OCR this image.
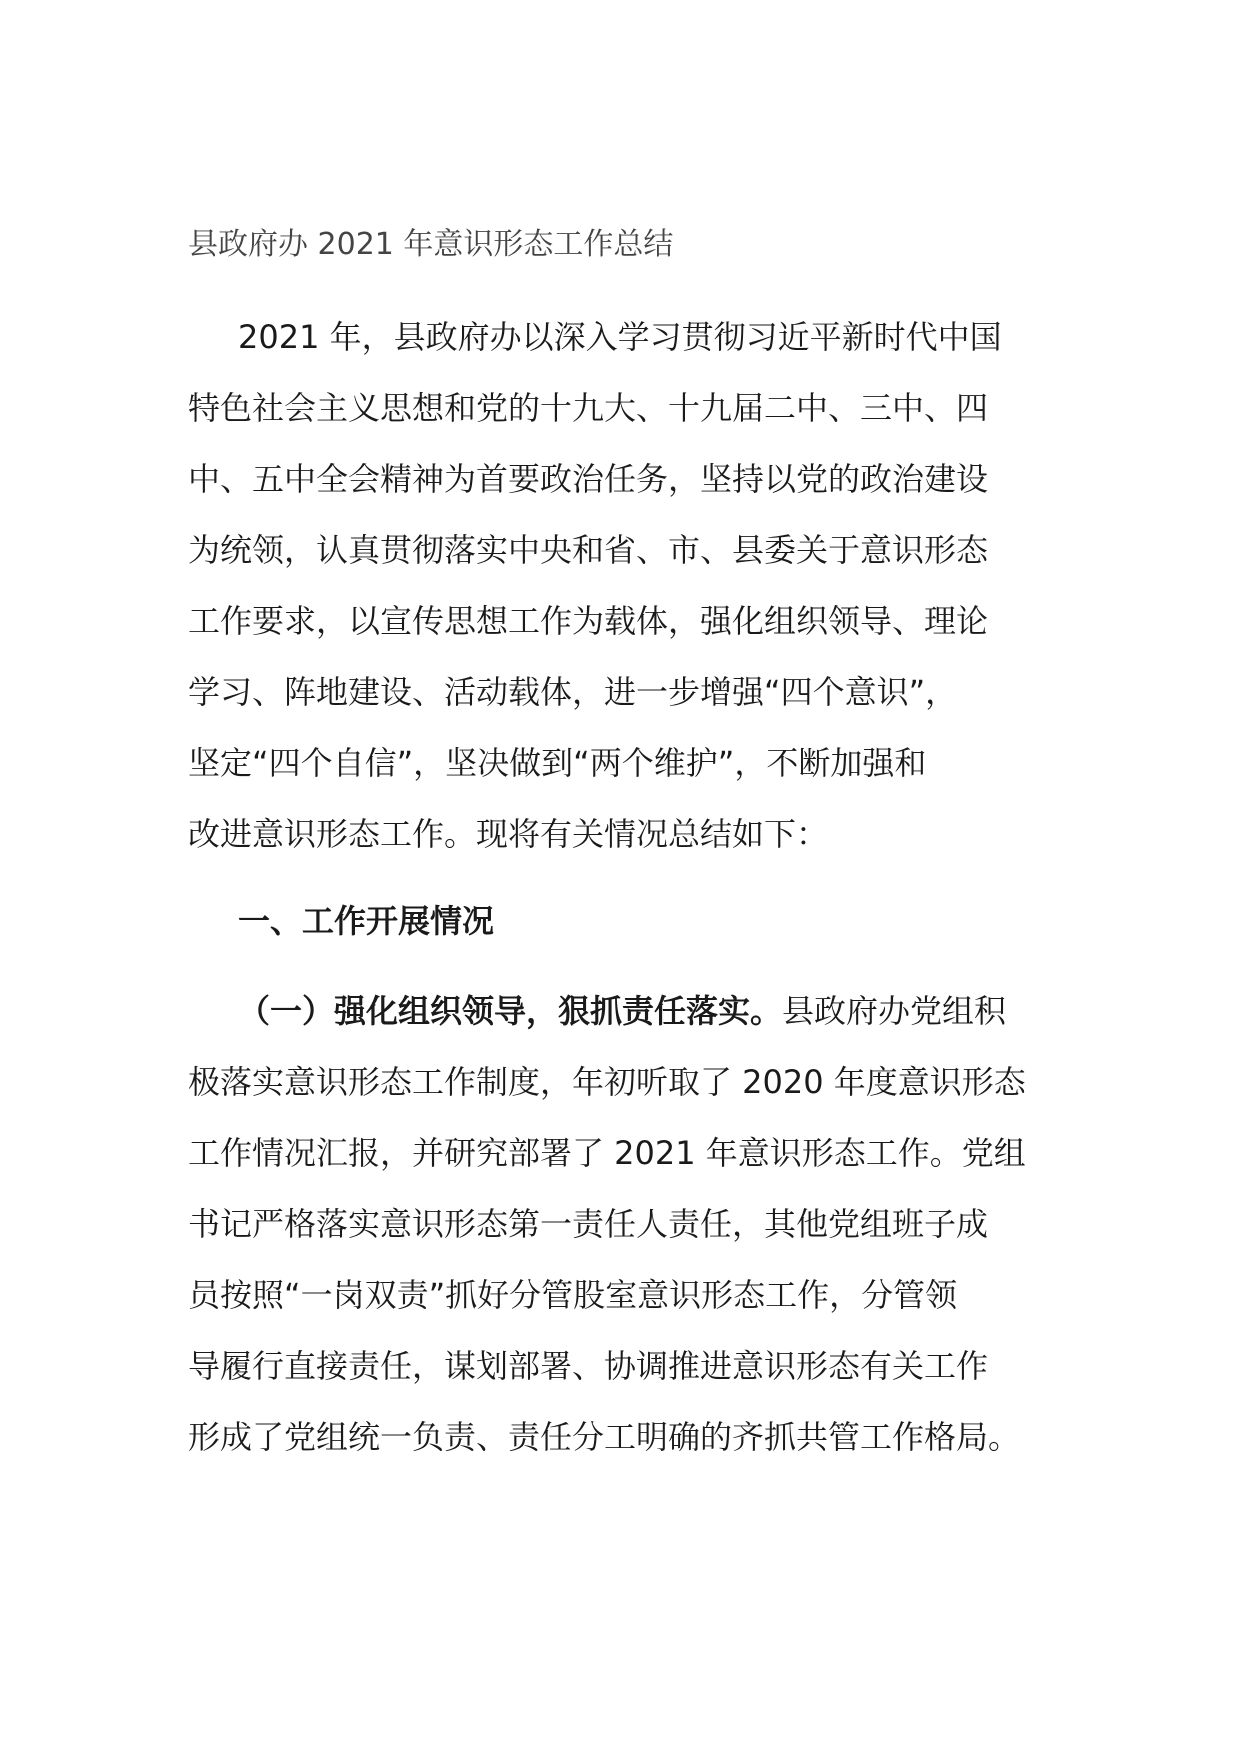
县政府办 2021 年意识形态工作总结
2021 年，县政府办以深入学习贯彻习近平新时代中国
特色社会主义思想和党的十九大、十九届二中、三中、四
中、五中全会精神为首要政治任务，坚持以党的政治建设
为统领，认真贯彻落实中央和省、市、县委关于意识形态
工作要求，以宣传思想工作为载体，强化组织领导、理论
学习、阵地建设、活动载体，进一步增强“四个意识”，
坚定“四个自信”，坚决做到“两个维护”，不断加强和
改进意识形态工作。现将有关情况总结如下：
一、工作开展情况
（一）强化组织领导，狠抓责任落实。县政府办党组积
极落实意识形态工作制度，年初听取了 2020 年度意识形态
工作情况汇报，并研究部署了 2021 年意识形态工作。党组
书记严格落实意识形态第一责任人责任，其他党组班子成
员按照“一岗双责”抓好分管股室意识形态工作，分管领
导履行直接责任，谋划部署、协调推进意识形态有关工作
形成了党组统一负责、责任分工明确的齐抓共管工作格局。
